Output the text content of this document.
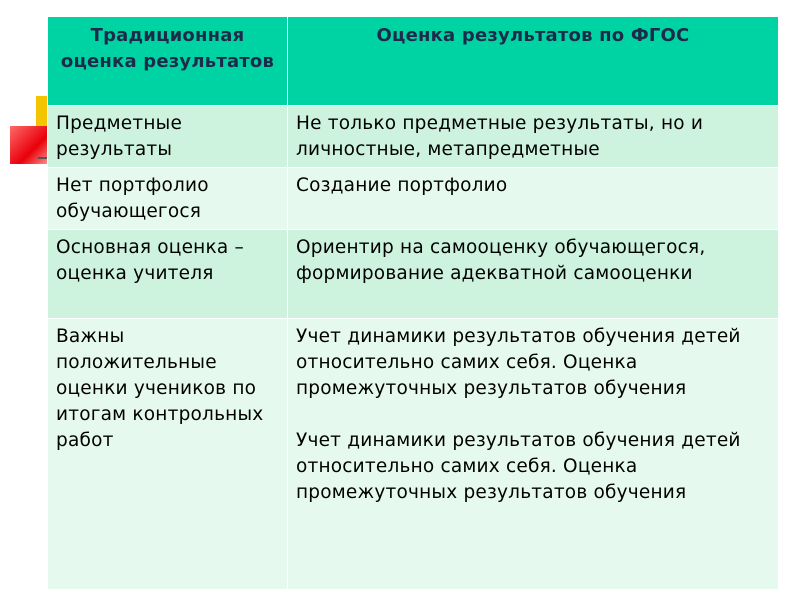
Традиционная оценка результатов	Оценка результатов по ФГОС
Предметные результаты	Не только предметные результаты, но и личностные, метапредметные
Нет портфолио обучающегося	Создание портфолио
Основная оценка – оценка учителя	Ориентир на самооценку обучающегося, формирование адекватной самооценки
Важны положительные оценки учеников по итогам контрольных работ	Учет динамики результатов обучения детей относительно самих себя. Оценка промежуточных результатов обучения

Учет динамики результатов обучения детей относительно самих себя. Оценка промежуточных результатов обучения
